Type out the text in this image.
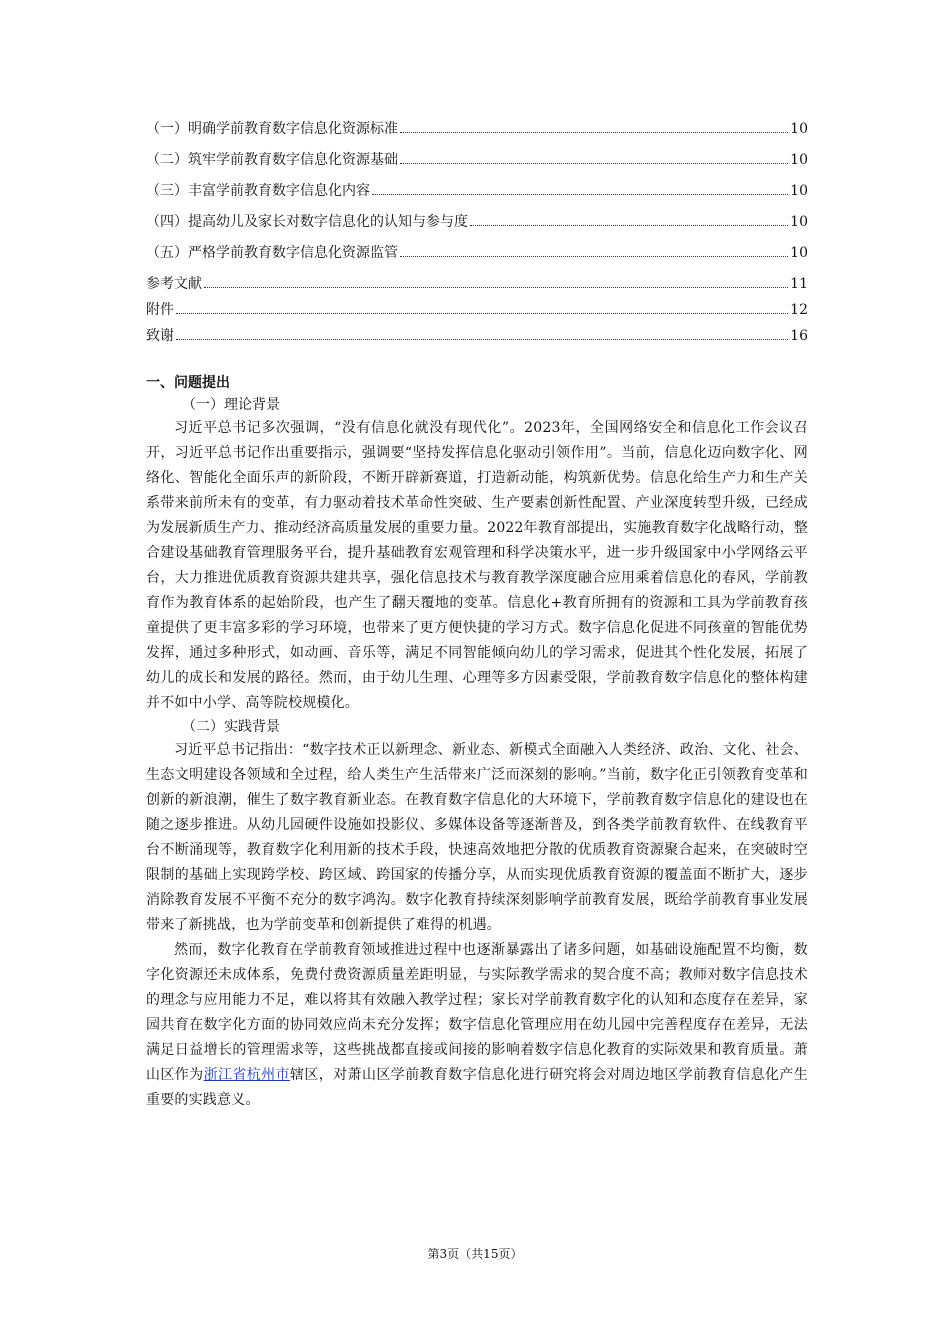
（一）明确学前教育数字信息化资源标准	10
（二）筑牢学前教育数字信息化资源基础	10
（三）丰富学前教育数字信息化内容	10
（四）提高幼儿及家长对数字信息化的认知与参与度	10
（五）严格学前教育数字信息化资源监管	10
参考文献	11
附件	12
致谢	16
一、问题提出
（一）理论背景

习近平总书记多次强调，“没有信息化就没有现代化”。2023年，全国网络安全和信息化工作会议召开，习近平总书记作出重要指示，强调要“坚持发挥信息化驱动引领作用”。当前，信息化迈向数字化、网络化、智能化全面乐声的新阶段，不断开辟新赛道，打造新动能，构筑新优势。信息化给生产力和生产关系带来前所未有的变革，有力驱动着技术革命性突破、生产要素创新性配置、产业深度转型升级，已经成为发展新质生产力、推动经济高质量发展的重要力量。2022年教育部提出，实施教育数字化战略行动，整合建设基础教育管理服务平台，提升基础教育宏观管理和科学决策水平，进一步升级国家中小学网络云平台，大力推进优质教育资源共建共享，强化信息技术与教育教学深度融合应用乘着信息化的春风，学前教育作为教育体系的起始阶段，也产生了翻天覆地的变革。信息化+教育所拥有的资源和工具为学前教育孩童提供了更丰富多彩的学习环境，也带来了更方便快捷的学习方式。数字信息化促进不同孩童的智能优势发挥，通过多种形式，如动画、音乐等，满足不同智能倾向幼儿的学习需求，促进其个性化发展，拓展了幼儿的成长和发展的路径。然而，由于幼儿生理、心理等多方因素受限，学前教育数字信息化的整体构建并不如中小学、高等院校规模化。

（二）实践背景

习近平总书记指出：“数字技术正以新理念、新业态、新模式全面融入人类经济、政治、文化、社会、生态文明建设各领域和全过程，给人类生产生活带来广泛而深刻的影响。”当前，数字化正引领教育变革和创新的新浪潮，催生了数字教育新业态。在教育数字信息化的大环境下，学前教育数字信息化的建设也在随之逐步推进。从幼儿园硬件设施如投影仪、多媒体设备等逐渐普及，到各类学前教育软件、在线教育平台不断涌现等，教育数字化利用新的技术手段，快速高效地把分散的优质教育资源聚合起来，在突破时空限制的基础上实现跨学校、跨区域、跨国家的传播分享，从而实现优质教育资源的覆盖面不断扩大，逐步消除教育发展不平衡不充分的数字鸿沟。数字化教育持续深刻影响学前教育发展，既给学前教育事业发展带来了新挑战，也为学前变革和创新提供了难得的机遇。

然而，数字化教育在学前教育领域推进过程中也逐渐暴露出了诸多问题，如基础设施配置不均衡，数字化资源还未成体系，免费付费资源质量差距明显，与实际教学需求的契合度不高；教师对数字信息技术的理念与应用能力不足，难以将其有效融入教学过程；家长对学前教育数字化的认知和态度存在差异，家园共育在数字化方面的协同效应尚未充分发挥；数字信息化管理应用在幼儿园中完善程度存在差异，无法满足日益增长的管理需求等，这些挑战都直接或间接的影响着数字信息化教育的实际效果和教育质量。萧山区作为浙江省杭州市辖区，对萧山区学前教育数字信息化进行研究将会对周边地区学前教育信息化产生重要的实践意义。

第3页（共15页）
